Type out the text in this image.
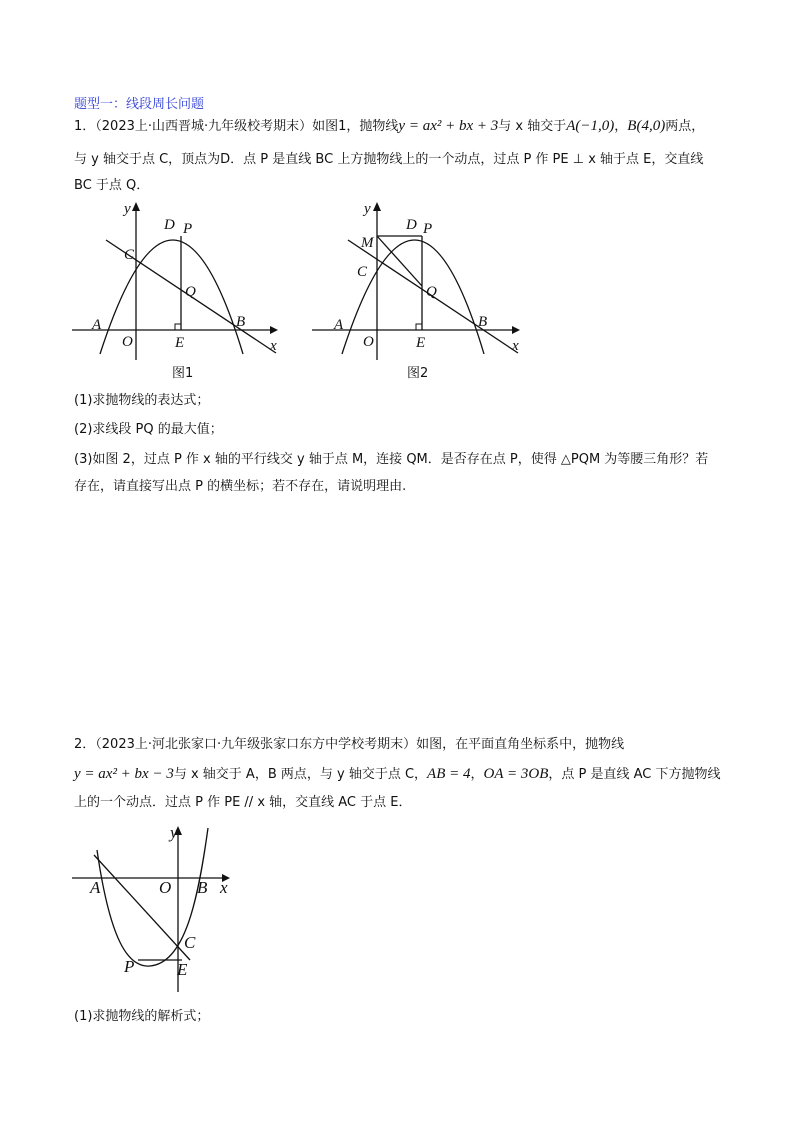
题型一：线段周长问题
1．（2023上·山西晋城·九年级校考期末）如图1，抛物线y = ax² + bx + 3与 x 轴交于A(−1,0)，B(4,0)两点，
与 y 轴交于点 C，顶点为D．点 P 是直线 BC 上方抛物线上的一个动点，过点 P 作 PE ⊥ x 轴于点 E，交直线
BC 于点 Q．
y
x
O
A	B
C
D P
Q
E
图1
y
x
O
A	B
C
M
D P
Q
E
图2
(1)求抛物线的表达式；
(2)求线段 PQ 的最大值；
(3)如图 2，过点 P 作 x 轴的平行线交 y 轴于点 M，连接 QM．是否存在点 P，使得 △PQM 为等腰三角形？若
存在，请直接写出点 P 的横坐标；若不存在，请说明理由.
2．（2023上·河北张家口·九年级张家口东方中学校考期末）如图，在平面直角坐标系中，抛物线
y = ax² + bx − 3与 x 轴交于 A，B 两点，与 y 轴交于点 C，AB = 4，OA = 3OB，点 P 是直线 AC 下方抛物线
上的一个动点．过点 P 作 PE // x 轴，交直线 AC 于点 E．
y
x
O
A	B
C
P	E
(1)求抛物线的解析式；
